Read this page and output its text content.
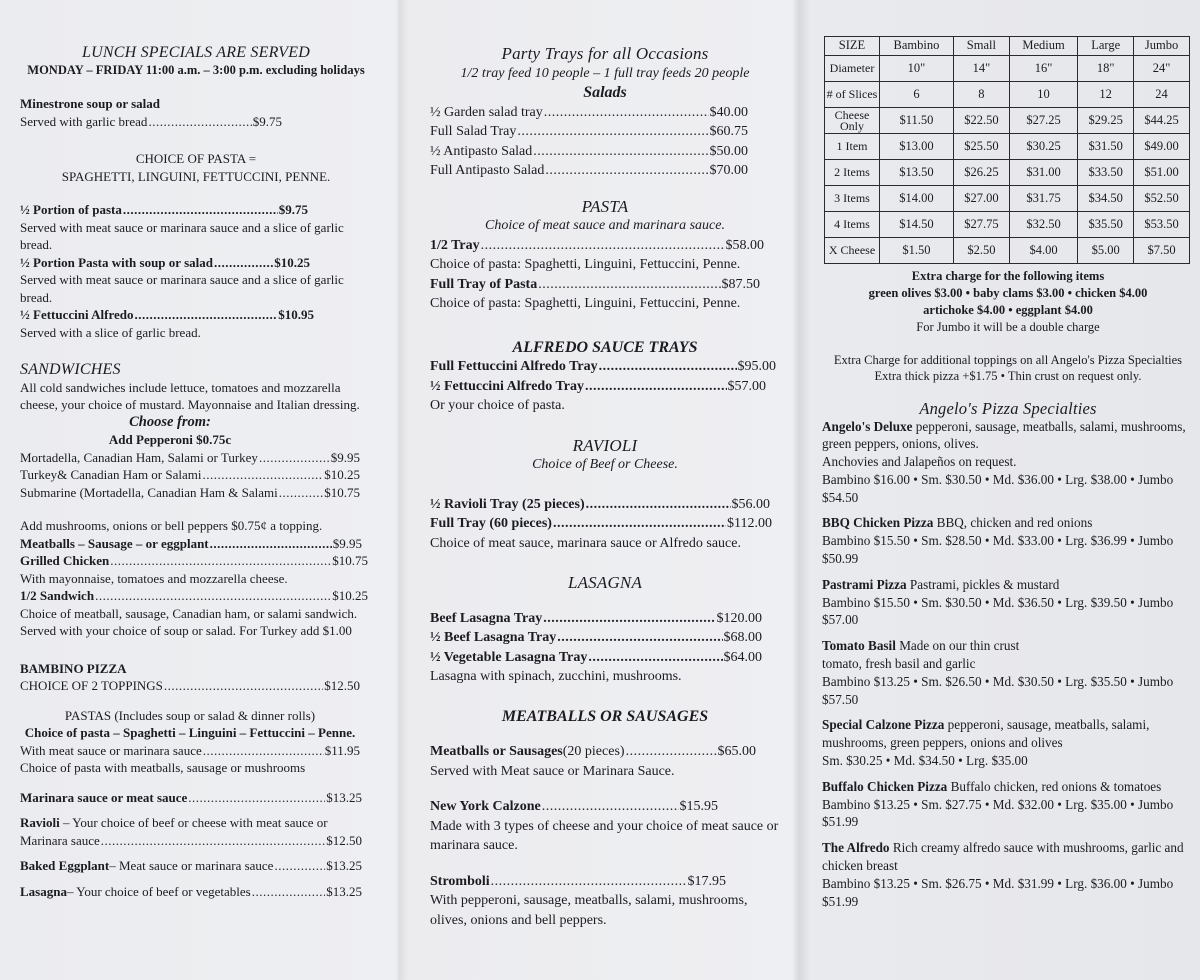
LUNCH SPECIALS ARE SERVED
MONDAY – FRIDAY 11:00 a.m. – 3:00 p.m. excluding holidays
Minestrone soup or salad
Served with garlic bread .....	$9.75
CHOICE OF PASTA =
SPAGHETTI, LINGUINI, FETTUCCINI, PENNE.
½ Portion of pasta .....	$9.75
Served with meat sauce or marinara sauce and a slice of garlic bread.
½ Portion Pasta with soup or salad .....	$10.25
Served with meat sauce or marinara sauce and a slice of garlic bread.
½ Fettuccini Alfredo .....	$10.95
Served with a slice of garlic bread.
SANDWICHES
All cold sandwiches include lettuce, tomatoes and mozzarella cheese, your choice of mustard. Mayonnaise and Italian dressing.
Choose from:
Add Pepperoni $0.75c
Mortadella, Canadian Ham, Salami or Turkey .....	$9.95
Turkey& Canadian Ham or Salami .....	$10.25
Submarine (Mortadella, Canadian Ham & Salami .....	$10.75
Add mushrooms, onions or bell peppers $0.75¢ a topping.
Meatballs – Sausage – or eggplant .....	$9.95
Grilled Chicken .....	$10.75
With mayonnaise, tomatoes and mozzarella cheese.
1/2 Sandwich .....	$10.25
Choice of meatball, sausage, Canadian ham, or salami sandwich. Served with your choice of soup or salad. For Turkey add $1.00
BAMBINO PIZZA
CHOICE OF 2 TOPPINGS .....	$12.50
PASTAS (Includes soup or salad & dinner rolls)
Choice of pasta – Spaghetti – Linguini – Fettuccini – Penne.
With meat sauce or marinara sauce .....	$11.95
Choice of pasta with meatballs, sausage or mushrooms
Marinara sauce or meat sauce .....	$13.25
Ravioli – Your choice of beef or cheese with meat sauce or
Marinara sauce .....	$12.50
Baked Eggplant – Meat sauce or marinara sauce .....	$13.25
Lasagna – Your choice of beef or vegetables .....	$13.25
Party Trays for all Occasions
1/2 tray feed 10 people – 1 full tray feeds 20 people
Salads
½ Garden salad tray .....	$40.00
Full Salad Tray .....	$60.75
½ Antipasto Salad .....	$50.00
Full Antipasto Salad .....	$70.00
PASTA
Choice of meat sauce and marinara sauce.
1/2 Tray .....	$58.00
Choice of pasta: Spaghetti, Linguini, Fettuccini, Penne.
Full Tray of Pasta .....	$87.50
Choice of pasta: Spaghetti, Linguini, Fettuccini, Penne.
ALFREDO SAUCE TRAYS
Full Fettuccini Alfredo Tray .....	$95.00
½ Fettuccini Alfredo Tray .....	$57.00
Or your choice of pasta.
RAVIOLI
Choice of Beef or Cheese.
½ Ravioli Tray (25 pieces) .....	$56.00
Full Tray (60 pieces) .....	$112.00
Choice of meat sauce, marinara sauce or Alfredo sauce.
LASAGNA
Beef Lasagna Tray .....	$120.00
½ Beef Lasagna Tray .....	$68.00
½ Vegetable Lasagna Tray .....	$64.00
Lasagna with spinach, zucchini, mushrooms.
MEATBALLS OR SAUSAGES
Meatballs or Sausages (20 pieces) .....	$65.00
Served with Meat sauce or Marinara Sauce.
New York Calzone .....	$15.95
Made with 3 types of cheese and your choice of meat sauce or marinara sauce.
Stromboli .....	$17.95
With pepperoni, sausage, meatballs, salami, mushrooms, olives, onions and bell peppers.
SIZE	Bambino	Small	Medium	Large	Jumbo
Diameter	10"	14"	16"	18"	24"
# of Slices	6	8	10	12	24
Cheese Only	$11.50	$22.50	$27.25	$29.25	$44.25
1 Item	$13.00	$25.50	$30.25	$31.50	$49.00
2 Items	$13.50	$26.25	$31.00	$33.50	$51.00
3 Items	$14.00	$27.00	$31.75	$34.50	$52.50
4 Items	$14.50	$27.75	$32.50	$35.50	$53.50
X Cheese	$1.50	$2.50	$4.00	$5.00	$7.50
Extra charge for the following items
green olives $3.00 • baby clams $3.00 • chicken $4.00
artichoke $4.00 • eggplant $4.00
For Jumbo it will be a double charge
Extra Charge for additional toppings on all Angelo's Pizza Specialties
Extra thick pizza +$1.75 • Thin crust on request only.
Angelo's Pizza Specialties
Angelo's Deluxe pepperoni, sausage, meatballs, salami, mushrooms, green peppers, onions, olives.
Anchovies and Jalapeños on request.
Bambino $16.00 • Sm. $30.50 • Md. $36.00 • Lrg. $38.00 • Jumbo $54.50
BBQ Chicken Pizza BBQ, chicken and red onions
Bambino $15.50 • Sm. $28.50 • Md. $33.00 • Lrg. $36.99 • Jumbo $50.99
Pastrami Pizza Pastrami, pickles & mustard
Bambino $15.50 • Sm. $30.50 • Md. $36.50 • Lrg. $39.50 • Jumbo $57.00
Tomato Basil Made on our thin crust
tomato, fresh basil and garlic
Bambino $13.25 • Sm. $26.50 • Md. $30.50 • Lrg. $35.50 • Jumbo $57.50
Special Calzone Pizza pepperoni, sausage, meatballs, salami, mushrooms, green peppers, onions and olives
Sm. $30.25 • Md. $34.50 • Lrg. $35.00
Buffalo Chicken Pizza Buffalo chicken, red onions & tomatoes
Bambino $13.25 • Sm. $27.75 • Md. $32.00 • Lrg. $35.00 • Jumbo $51.99
The Alfredo Rich creamy alfredo sauce with mushrooms, garlic and chicken breast
Bambino $13.25 • Sm. $26.75 • Md. $31.99 • Lrg. $36.00 • Jumbo $51.99
